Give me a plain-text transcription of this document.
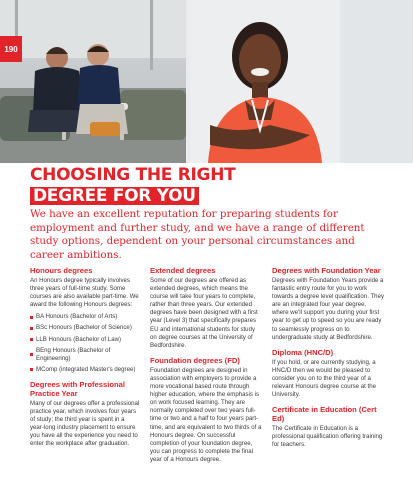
190
CHOOSING THE RIGHT
DEGREE FOR YOU

We have an excellent reputation for preparing students for employment and further study, and we have a range of different study options, dependent on your personal circumstances and career ambitions.

Honours degrees

An Honours degree typically involves three years of full-time study. Some courses are also available part-time. We award the following Honours degrees:

BA Honours (Bachelor of Arts)
BSc Honours (Bachelor of Science)
LLB Honours (Bachelor of Law)
BEng Honours (Bachelor of Engineering)
MComp (integrated Master's degree)
Degrees with Professional Practice Year

Many of our degrees offer a professional practice year, which involves four years of study; the third year is spent in a year-long industry placement to ensure you have all the experience you need to enter the workplace after graduation.

Extended degrees

Some of our degrees are offered as extended degrees, which means the course will take four years to complete, rather than three years. Our extended degrees have been designed with a first year (Level 3) that specifically prepares EU and international students for study on degree courses at the University of Bedfordshire.

Foundation degrees (FD)

Foundation degrees are designed in association with employers to provide a more vocational based route through higher education, where the emphasis is on work focused learning. They are normally completed over two years full-time or two and a half to four years part-time, and are equivalent to two thirds of a Honours degree. On successful completion of your foundation degree, you can progress to complete the final year of a Honours degree.

Degrees with Foundation Year

Degrees with Foundation Years provide a fantastic entry route for you to work towards a degree level qualification. They are an integrated four year degree, where we'll support you during your first year to get up to speed so you are ready to seamlessly progress on to undergraduate study at Bedfordshire.

Diploma (HNC/D)

If you hold, or are currently studying, a HNC/D then we would be pleased to consider you on to the third year of a relevant Honours degree course at the University.

Certificate in Education (Cert Ed)

The Certificate in Education is a professional qualification offering training for teachers.
